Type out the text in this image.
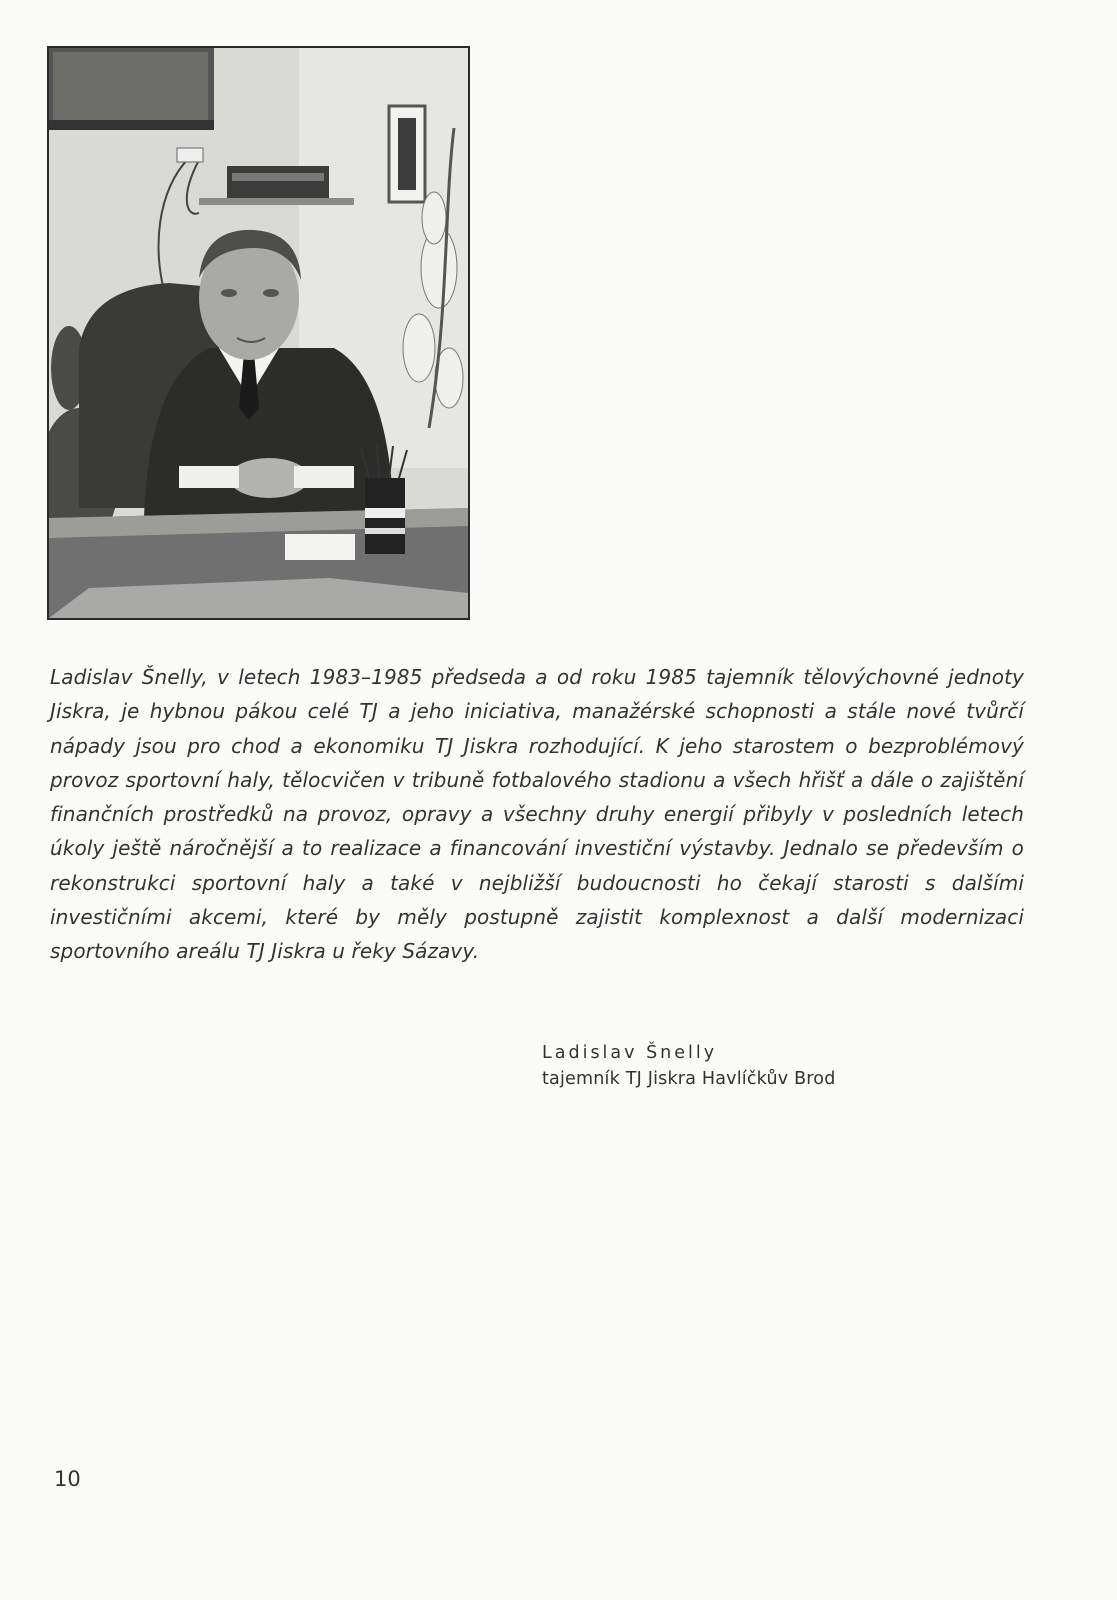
Ladislav Šnelly, v letech 1983–1985 předseda a od roku 1985 tajemník tělovýchovné jednoty Jiskra, je hybnou pákou celé TJ a jeho iniciativa, manažérské schopnosti a stále nové tvůrčí nápady jsou pro chod a ekonomiku TJ Jiskra rozhodující. K jeho starostem o bezproblémový provoz sportovní haly, tělocvičen v tribuně fotbalového stadionu a všech hřišť a dále o zajištění finančních prostředků na provoz, opravy a všechny druhy energií přibyly v posledních letech úkoly ještě náročnější a to realizace a financování investiční výstavby. Jednalo se především o rekonstrukci sportovní haly a také v nejbližší budoucnosti ho čekají starosti s dalšími investičními akcemi, které by měly postupně zajistit komplexnost a další modernizaci sportovního areálu TJ Jiskra u řeky Sázavy.

Ladislav Šnelly
tajemník TJ Jiskra Havlíčkův Brod
10
